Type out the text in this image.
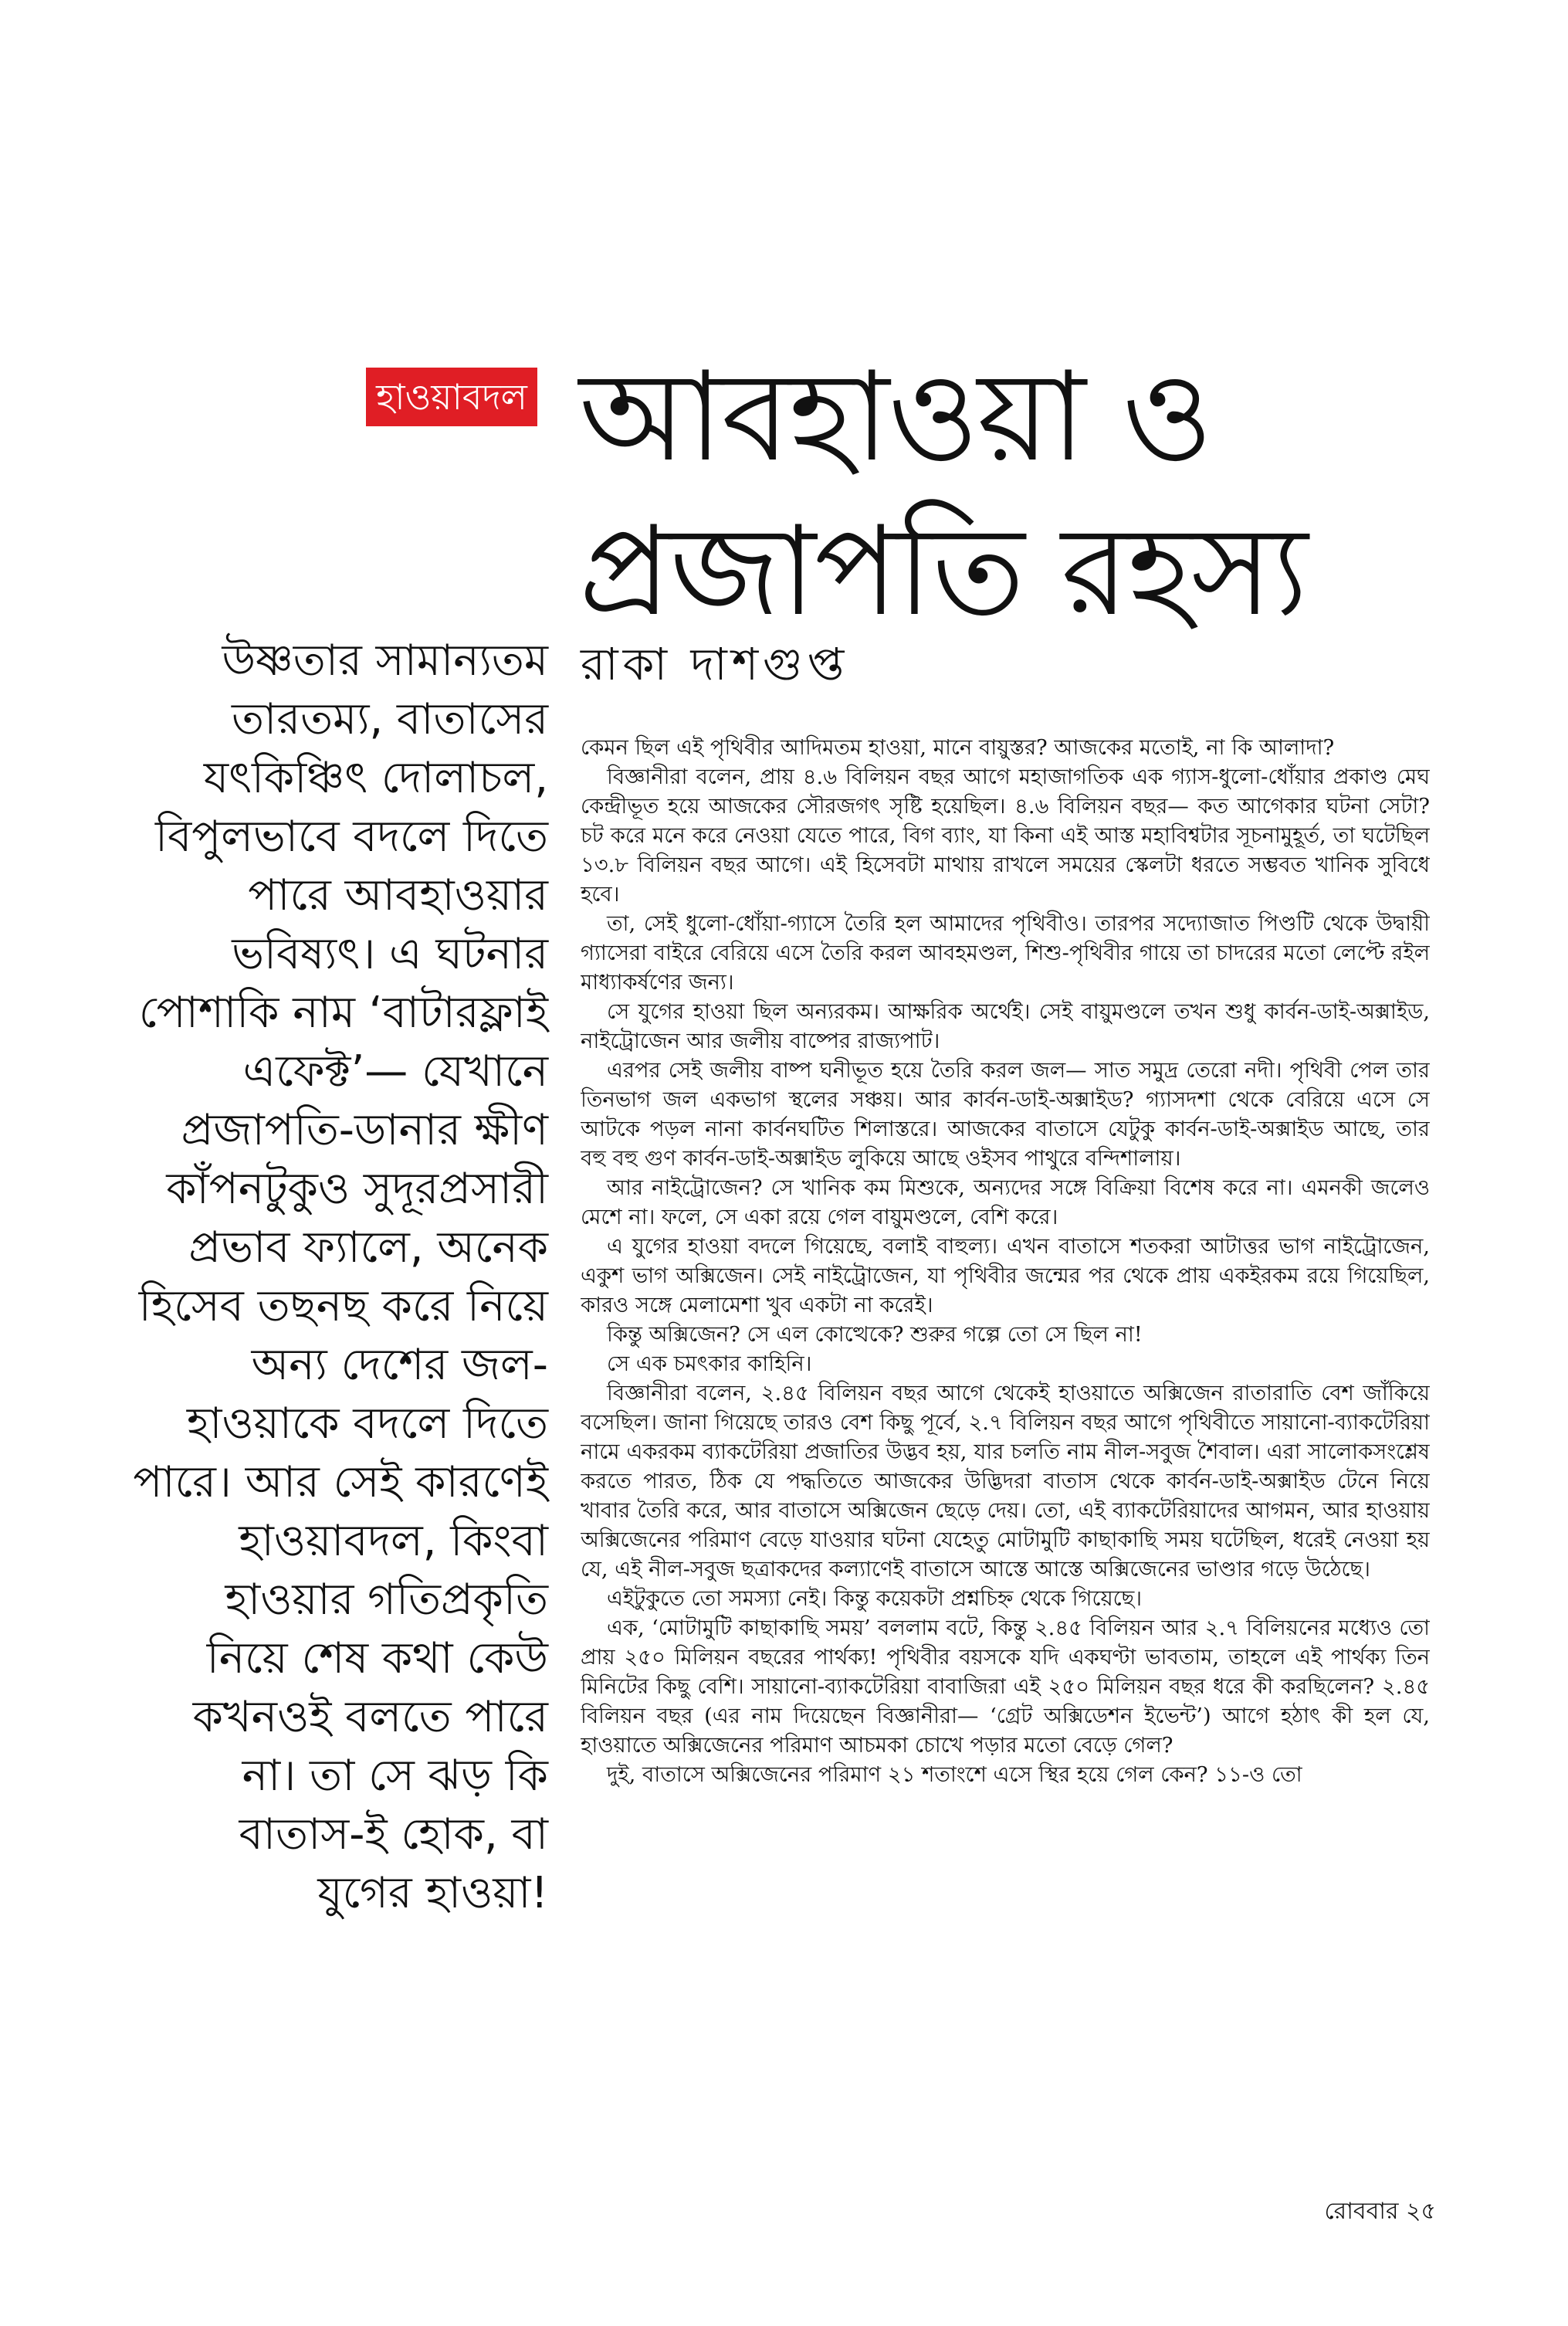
হাওয়াবদল আবহাওয়া ও
প্রজাপতি রহস্য
রাকা দাশগুপ্ত

উষ্ণতার সামান্যতম তারতম্য, বাতাসের যৎকিঞ্চিৎ দোলাচল, বিপুলভাবে বদলে দিতে পারে আবহাওয়ার ভবিষ্যৎ। এ ঘটনার পোশাকি নাম ‘বাটারফ্লাই এফেক্ট’— যেখানে প্রজাপতি-ডানার ক্ষীণ কাঁপনটুকুও সুদূরপ্রসারী প্রভাব ফ্যালে, অনেক হিসেব তছনছ করে নিয়ে অন্য দেশের জল-হাওয়াকে বদলে দিতে পারে। আর সেই কারণেই হাওয়াবদল, কিংবা হাওয়ার গতিপ্রকৃতি নিয়ে শেষ কথা কেউ কখনওই বলতে পারে না। তা সে ঝড় কি বাতাস-ই হোক, বা যুগের হাওয়া!

কেমন ছিল এই পৃথিবীর আদিমতম হাওয়া, মানে বায়ুস্তর? আজকের মতোই, না কি আলাদা?

বিজ্ঞানীরা বলেন, প্রায় ৪.৬ বিলিয়ন বছর আগে মহাজাগতিক এক গ্যাস-ধুলো-ধোঁয়ার প্রকাণ্ড মেঘ কেন্দ্রীভূত হয়ে আজকের সৌরজগৎ সৃষ্টি হয়েছিল। ৪.৬ বিলিয়ন বছর— কত আগেকার ঘটনা সেটা? চট করে মনে করে নেওয়া যেতে পারে, বিগ ব্যাং, যা কিনা এই আস্ত মহাবিশ্বটার সূচনামুহূর্ত, তা ঘটেছিল ১৩.৮ বিলিয়ন বছর আগে। এই হিসেবটা মাথায় রাখলে সময়ের স্কেলটা ধরতে সম্ভবত খানিক সুবিধে হবে।

তা, সেই ধুলো-ধোঁয়া-গ্যাসে তৈরি হল আমাদের পৃথিবীও। তারপর সদ্যোজাত পিণ্ডটি থেকে উদ্বায়ী গ্যাসেরা বাইরে বেরিয়ে এসে তৈরি করল আবহমণ্ডল, শিশু-পৃথিবীর গায়ে তা চাদরের মতো লেপ্টে রইল মাধ্যাকর্ষণের জন্য।

সে যুগের হাওয়া ছিল অন্যরকম। আক্ষরিক অর্থেই। সেই বায়ুমণ্ডলে তখন শুধু কার্বন-ডাই-অক্সাইড, নাইট্রোজেন আর জলীয় বাষ্পের রাজ্যপাট।

এরপর সেই জলীয় বাষ্প ঘনীভূত হয়ে তৈরি করল জল— সাত সমুদ্র তেরো নদী। পৃথিবী পেল তার তিনভাগ জল একভাগ স্থলের সঞ্চয়। আর কার্বন-ডাই-অক্সাইড? গ্যাসদশা থেকে বেরিয়ে এসে সে আটকে পড়ল নানা কার্বনঘটিত শিলাস্তরে। আজকের বাতাসে যেটুকু কার্বন-ডাই-অক্সাইড আছে, তার বহু বহু গুণ কার্বন-ডাই-অক্সাইড লুকিয়ে আছে ওইসব পাথুরে বন্দিশালায়।

আর নাইট্রোজেন? সে খানিক কম মিশুকে, অন্যদের সঙ্গে বিক্রিয়া বিশেষ করে না। এমনকী জলেও মেশে না। ফলে, সে একা রয়ে গেল বায়ুমণ্ডলে, বেশি করে।

এ যুগের হাওয়া বদলে গিয়েছে, বলাই বাহুল্য। এখন বাতাসে শতকরা আটাত্তর ভাগ নাইট্রোজেন, একুশ ভাগ অক্সিজেন। সেই নাইট্রোজেন, যা পৃথিবীর জন্মের পর থেকে প্রায় একইরকম রয়ে গিয়েছিল, কারও সঙ্গে মেলামেশা খুব একটা না করেই।

কিন্তু অক্সিজেন? সে এল কোত্থেকে? শুরুর গল্পে তো সে ছিল না!

সে এক চমৎকার কাহিনি।

বিজ্ঞানীরা বলেন, ২.৪৫ বিলিয়ন বছর আগে থেকেই হাওয়াতে অক্সিজেন রাতারাতি বেশ জাঁকিয়ে বসেছিল। জানা গিয়েছে তারও বেশ কিছু পূর্বে, ২.৭ বিলিয়ন বছর আগে পৃথিবীতে সায়ানো-ব্যাকটেরিয়া নামে একরকম ব্যাকটেরিয়া প্রজাতির উদ্ভব হয়, যার চলতি নাম নীল-সবুজ শৈবাল। এরা সালোকসংশ্লেষ করতে পারত, ঠিক যে পদ্ধতিতে আজকের উদ্ভিদরা বাতাস থেকে কার্বন-ডাই-অক্সাইড টেনে নিয়ে খাবার তৈরি করে, আর বাতাসে অক্সিজেন ছেড়ে দেয়। তো, এই ব্যাকটেরিয়াদের আগমন, আর হাওয়ায় অক্সিজেনের পরিমাণ বেড়ে যাওয়ার ঘটনা যেহেতু মোটামুটি কাছাকাছি সময় ঘটেছিল, ধরেই নেওয়া হয় যে, এই নীল-সবুজ ছত্রাকদের কল্যাণেই বাতাসে আস্তে আস্তে অক্সিজেনের ভাণ্ডার গড়ে উঠেছে।

এইটুকুতে তো সমস্যা নেই। কিন্তু কয়েকটা প্রশ্নচিহ্ন থেকে গিয়েছে।

এক, ‘মোটামুটি কাছাকাছি সময়’ বললাম বটে, কিন্তু ২.৪৫ বিলিয়ন আর ২.৭ বিলিয়নের মধ্যেও তো প্রায় ২৫০ মিলিয়ন বছরের পার্থক্য! পৃথিবীর বয়সকে যদি একঘণ্টা ভাবতাম, তাহলে এই পার্থক্য তিন মিনিটের কিছু বেশি। সায়ানো-ব্যাকটেরিয়া বাবাজিরা এই ২৫০ মিলিয়ন বছর ধরে কী করছিলেন? ২.৪৫ বিলিয়ন বছর (এর নাম দিয়েছেন বিজ্ঞানীরা— ‘গ্রেট অক্সিডেশন ইভেন্ট’) আগে হঠাৎ কী হল যে, হাওয়াতে অক্সিজেনের পরিমাণ আচমকা চোখে পড়ার মতো বেড়ে গেল?

দুই, বাতাসে অক্সিজেনের পরিমাণ ২১ শতাংশে এসে স্থির হয়ে গেল কেন? ১১-ও তো

রোববার ২৫
